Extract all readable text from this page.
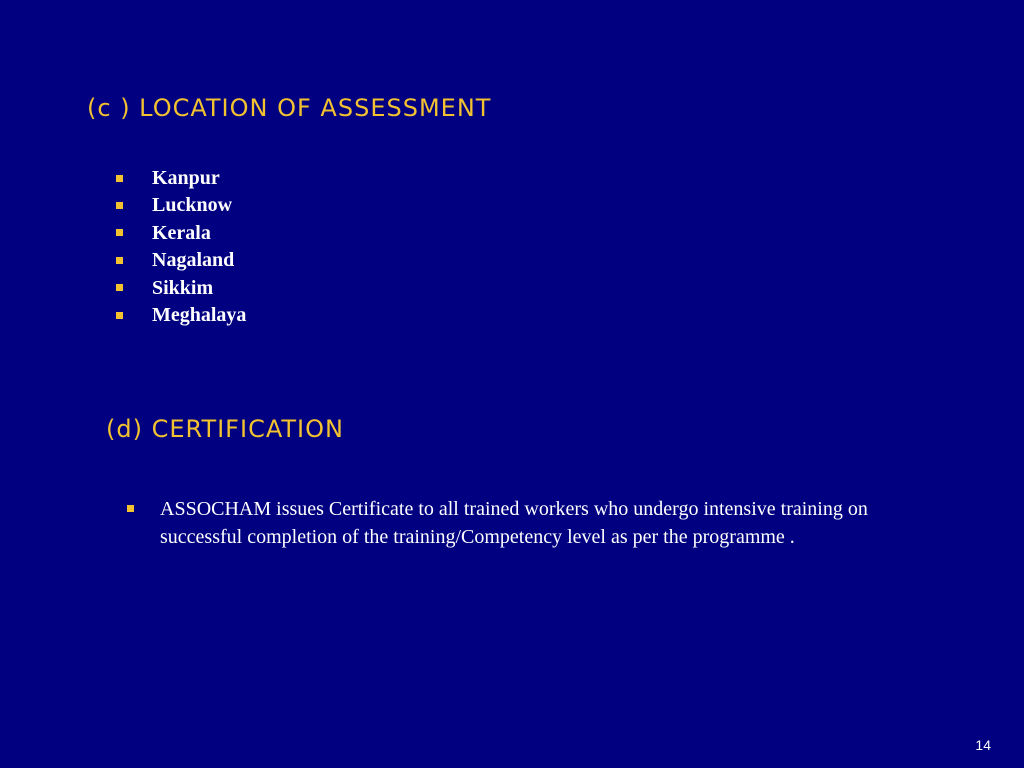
(c ) LOCATION OF ASSESSMENT
Kanpur
Lucknow
Kerala
Nagaland
Sikkim
Meghalaya
(d) CERTIFICATION
ASSOCHAM issues Certificate to all trained workers who undergo intensive training on successful completion of the training/Competency level as per the programme .
14
